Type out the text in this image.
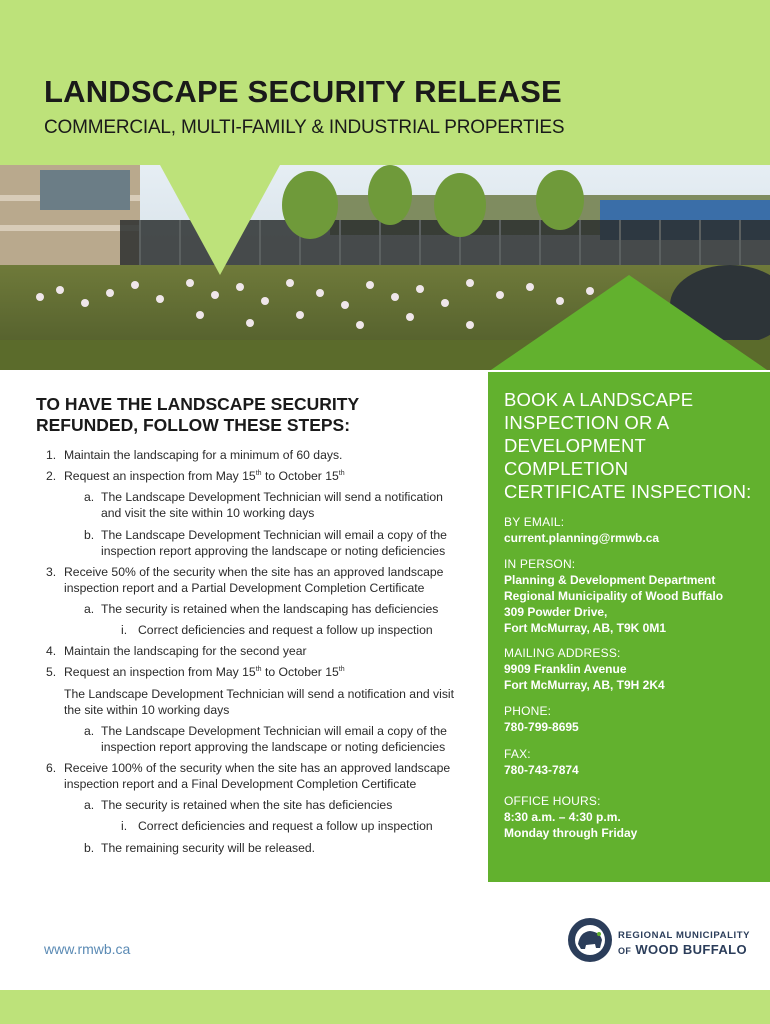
LANDSCAPE SECURITY RELEASE
COMMERCIAL, MULTI-FAMILY & INDUSTRIAL PROPERTIES
TO HAVE THE LANDSCAPE SECURITY
REFUNDED, FOLLOW THESE STEPS:
1. Maintain the landscaping for a minimum of 60 days.
2. Request an inspection from May 15th to October 15th
a. The Landscape Development Technician will send a notification
and visit the site within 10 working days
b. The Landscape Development Technician will email a copy of the
inspection report approving the landscape or noting deficiencies
3. Receive 50% of the security when the site has an approved landscape
inspection report and a Partial Development Completion Certificate
a. The security is retained when the landscaping has deficiencies
i. Correct deficiencies and request a follow up inspection
4. Maintain the landscaping for the second year
5. Request an inspection from May 15th to October 15th
The Landscape Development Technician will send a notification and visit
the site within 10 working days
a. The Landscape Development Technician will email a copy of the
inspection report approving the landscape or noting deficiencies
6. Receive 100% of the security when the site has an approved landscape
inspection report and a Final Development Completion Certificate
a. The security is retained when the site has deficiencies
i. Correct deficiencies and request a follow up inspection
b. The remaining security will be released.
BOOK A LANDSCAPE
INSPECTION OR A
DEVELOPMENT
COMPLETION
CERTIFICATE INSPECTION:
BY EMAIL:
current.planning@rmwb.ca
IN PERSON:
Planning & Development Department
Regional Municipality of Wood Buffalo
309 Powder Drive,
Fort McMurray, AB, T9K 0M1
MAILING ADDRESS:
9909 Franklin Avenue
Fort McMurray, AB, T9H 2K4
PHONE:
780-799-8695
FAX:
780-743-7874
OFFICE HOURS:
8:30 a.m. – 4:30 p.m.
Monday through Friday
www.rmwb.ca
REGIONAL MUNICIPALITY
OF WOOD BUFFALO
